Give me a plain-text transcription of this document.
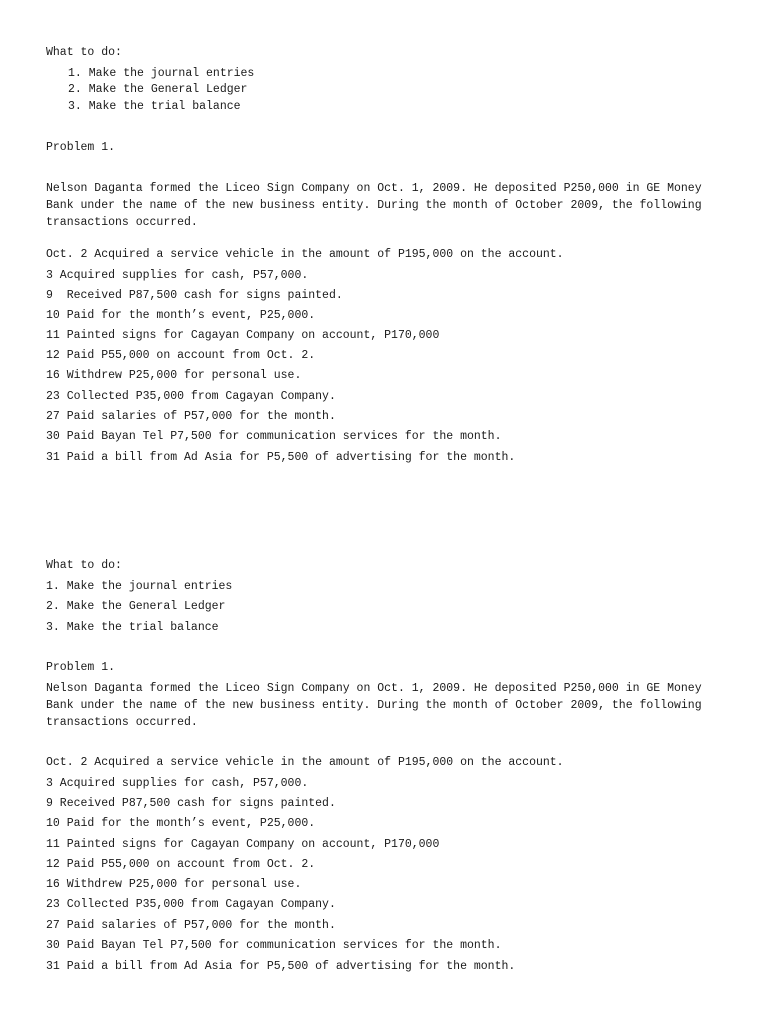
What to do:
1. Make the journal entries
2. Make the General Ledger
3. Make the trial balance
Problem 1.
Nelson Daganta formed the Liceo Sign Company on Oct. 1, 2009. He deposited P250,000 in GE Money Bank under the name of the new business entity. During the month of October 2009, the following transactions occurred.
Oct. 2 Acquired a service vehicle in the amount of P195,000 on the account.
3 Acquired supplies for cash, P57,000.
9  Received P87,500 cash for signs painted.
10 Paid for the month’s event, P25,000.
11 Painted signs for Cagayan Company on account, P170,000
12 Paid P55,000 on account from Oct. 2.
16 Withdrew P25,000 for personal use.
23 Collected P35,000 from Cagayan Company.
27 Paid salaries of P57,000 for the month.
30 Paid Bayan Tel P7,500 for communication services for the month.
31 Paid a bill from Ad Asia for P5,500 of advertising for the month.
What to do:
1. Make the journal entries
2. Make the General Ledger
3. Make the trial balance
Problem 1.
Nelson Daganta formed the Liceo Sign Company on Oct. 1, 2009. He deposited P250,000 in GE Money Bank under the name of the new business entity. During the month of October 2009, the following transactions occurred.
Oct. 2 Acquired a service vehicle in the amount of P195,000 on the account.
3 Acquired supplies for cash, P57,000.
9 Received P87,500 cash for signs painted.
10 Paid for the month’s event, P25,000.
11 Painted signs for Cagayan Company on account, P170,000
12 Paid P55,000 on account from Oct. 2.
16 Withdrew P25,000 for personal use.
23 Collected P35,000 from Cagayan Company.
27 Paid salaries of P57,000 for the month.
30 Paid Bayan Tel P7,500 for communication services for the month.
31 Paid a bill from Ad Asia for P5,500 of advertising for the month.
